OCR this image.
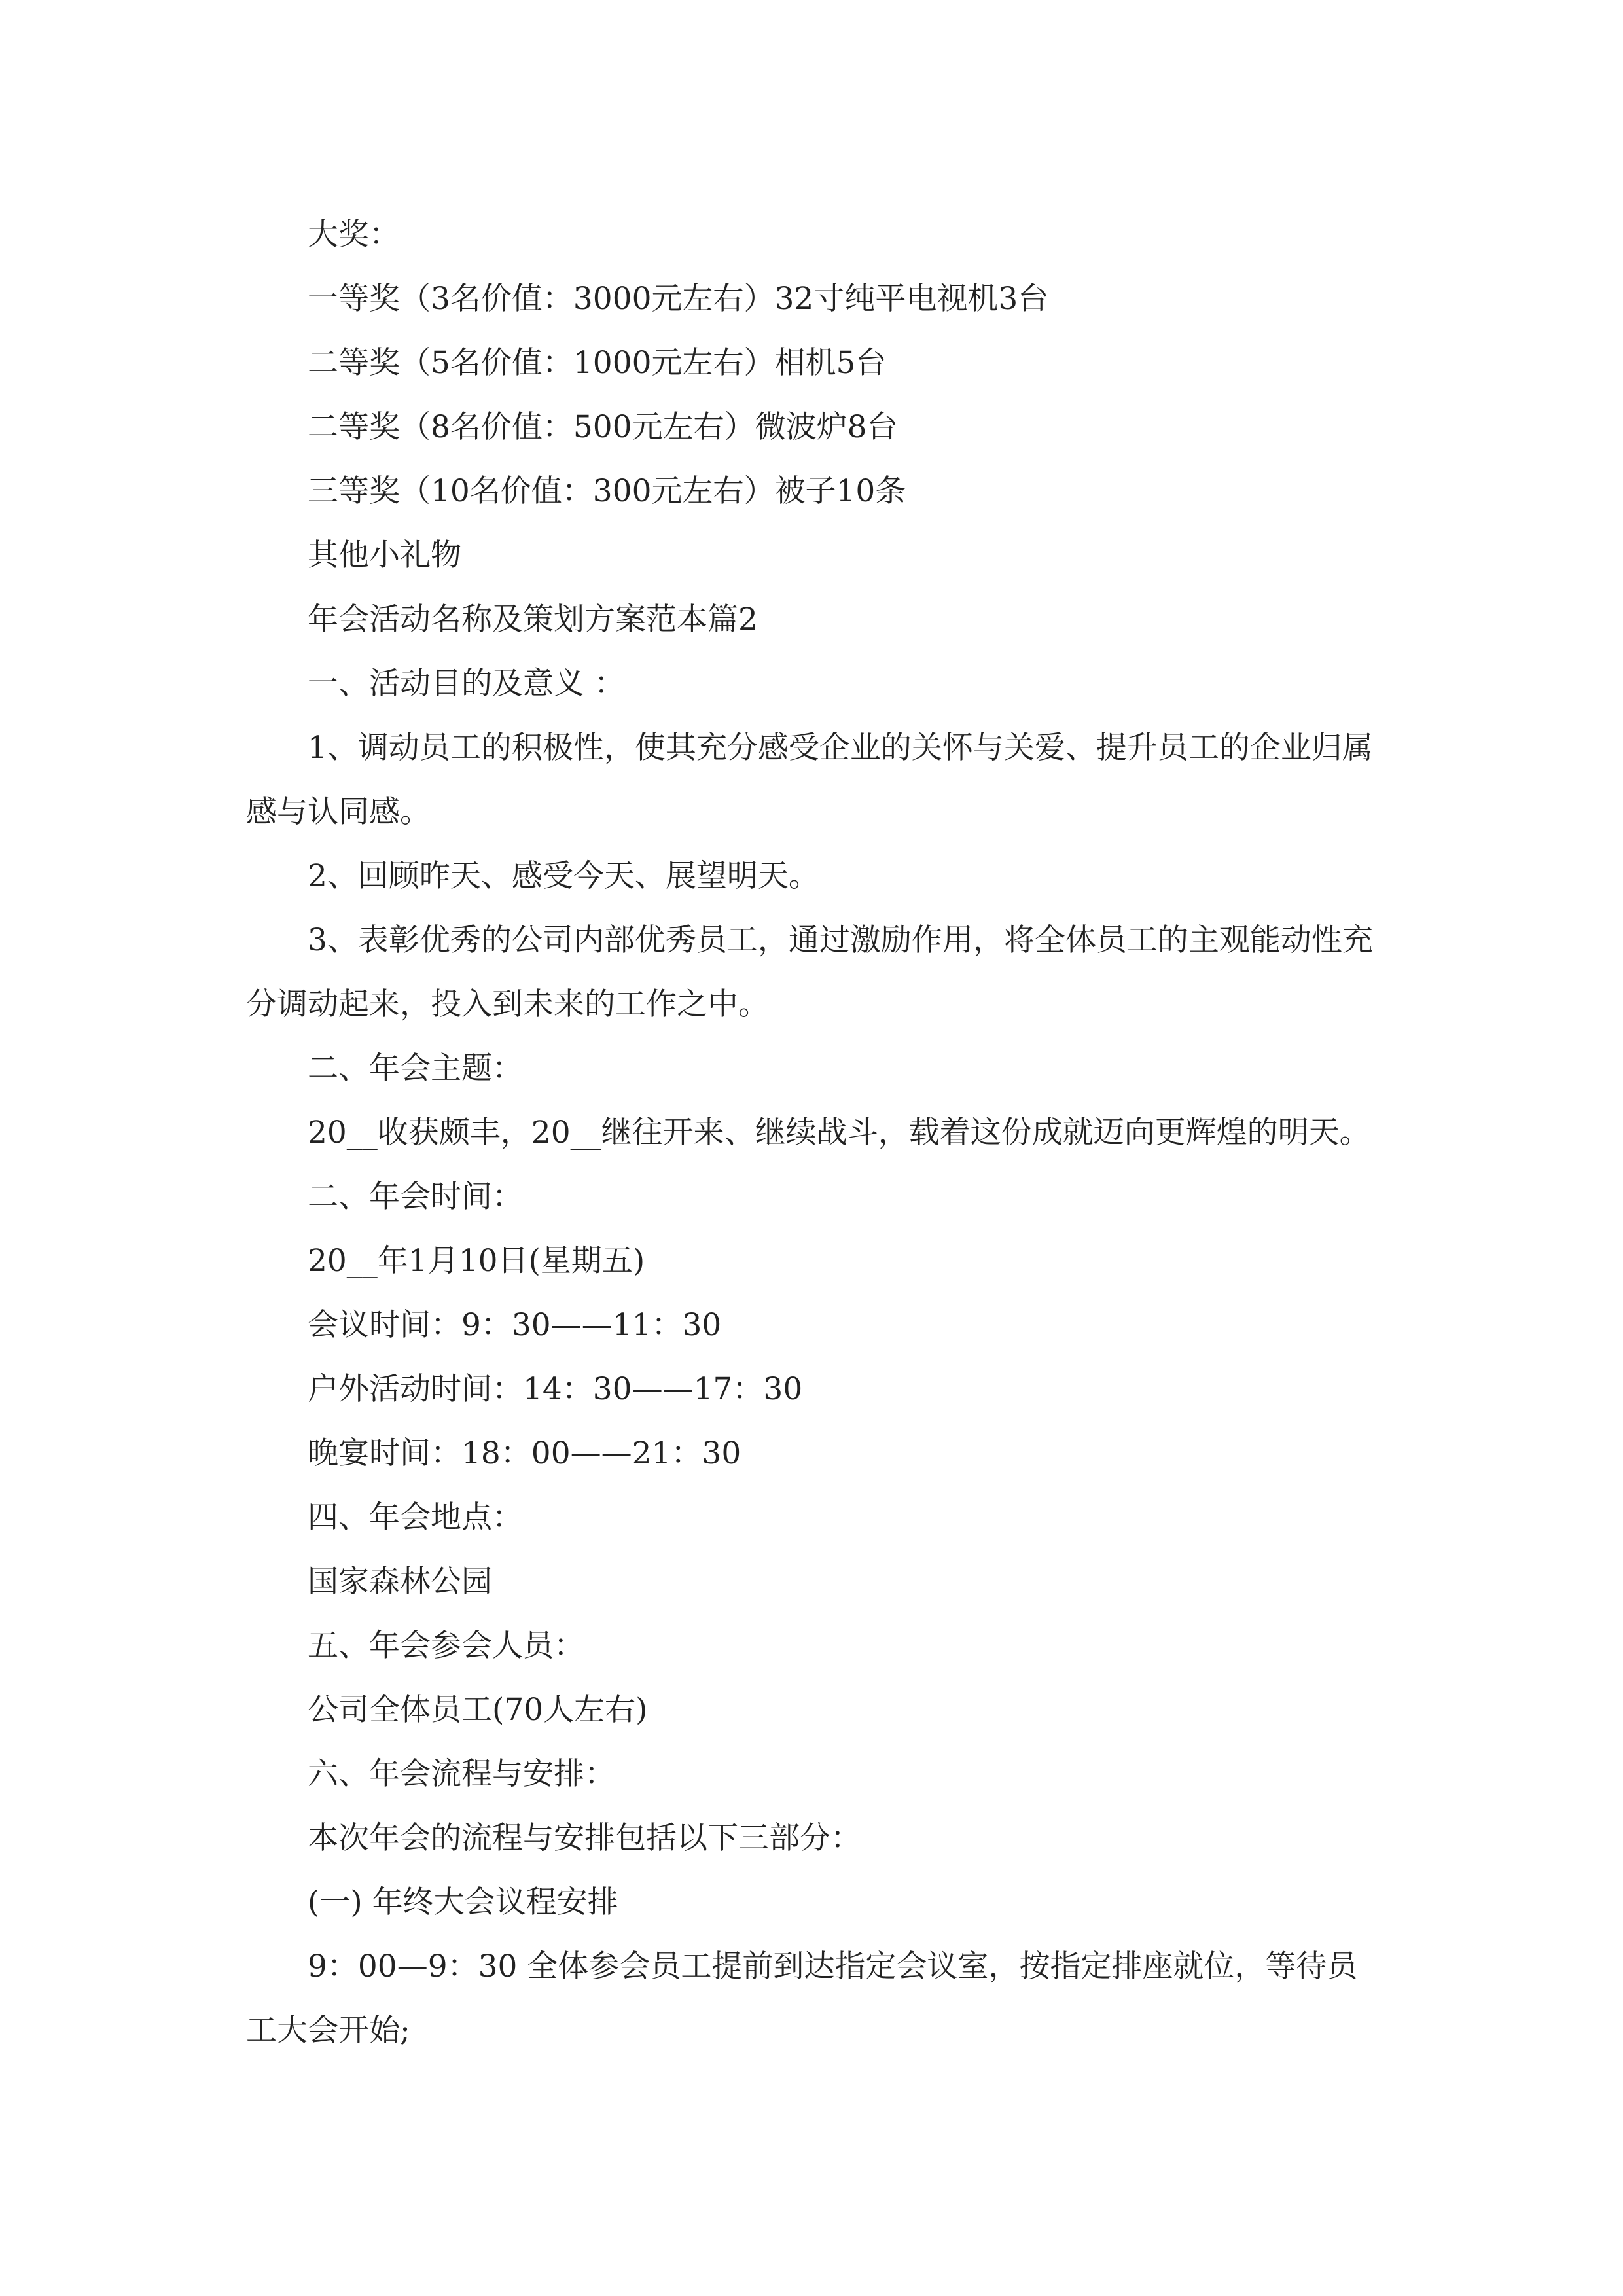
大奖：

一等奖（3名价值：3000元左右）32寸纯平电视机3台

二等奖（5名价值：1000元左右）相机5台

二等奖（8名价值：500元左右）微波炉8台

三等奖（10名价值：300元左右）被子10条

其他小礼物

年会活动名称及策划方案范本篇2

一、活动目的及意义 ：

1、调动员工的积极性，使其充分感受企业的关怀与关爱、提升员工的企业归属感与认同感。

2、回顾昨天、感受今天、展望明天。

3、表彰优秀的公司内部优秀员工，通过激励作用，将全体员工的主观能动性充分调动起来，投入到未来的工作之中。

二、年会主题：

20__收获颇丰，20__继往开来、继续战斗，载着这份成就迈向更辉煌的明天。

二、年会时间：

20__年1月10日(星期五)

会议时间：9：30——11：30

户外活动时间：14：30——17：30

晚宴时间：18：00——21：30

四、年会地点：

国家森林公园

五、年会参会人员：

公司全体员工(70人左右)

六、年会流程与安排：

本次年会的流程与安排包括以下三部分：

(一) 年终大会议程安排

9：00—9：30 全体参会员工提前到达指定会议室，按指定排座就位，等待员工大会开始;
